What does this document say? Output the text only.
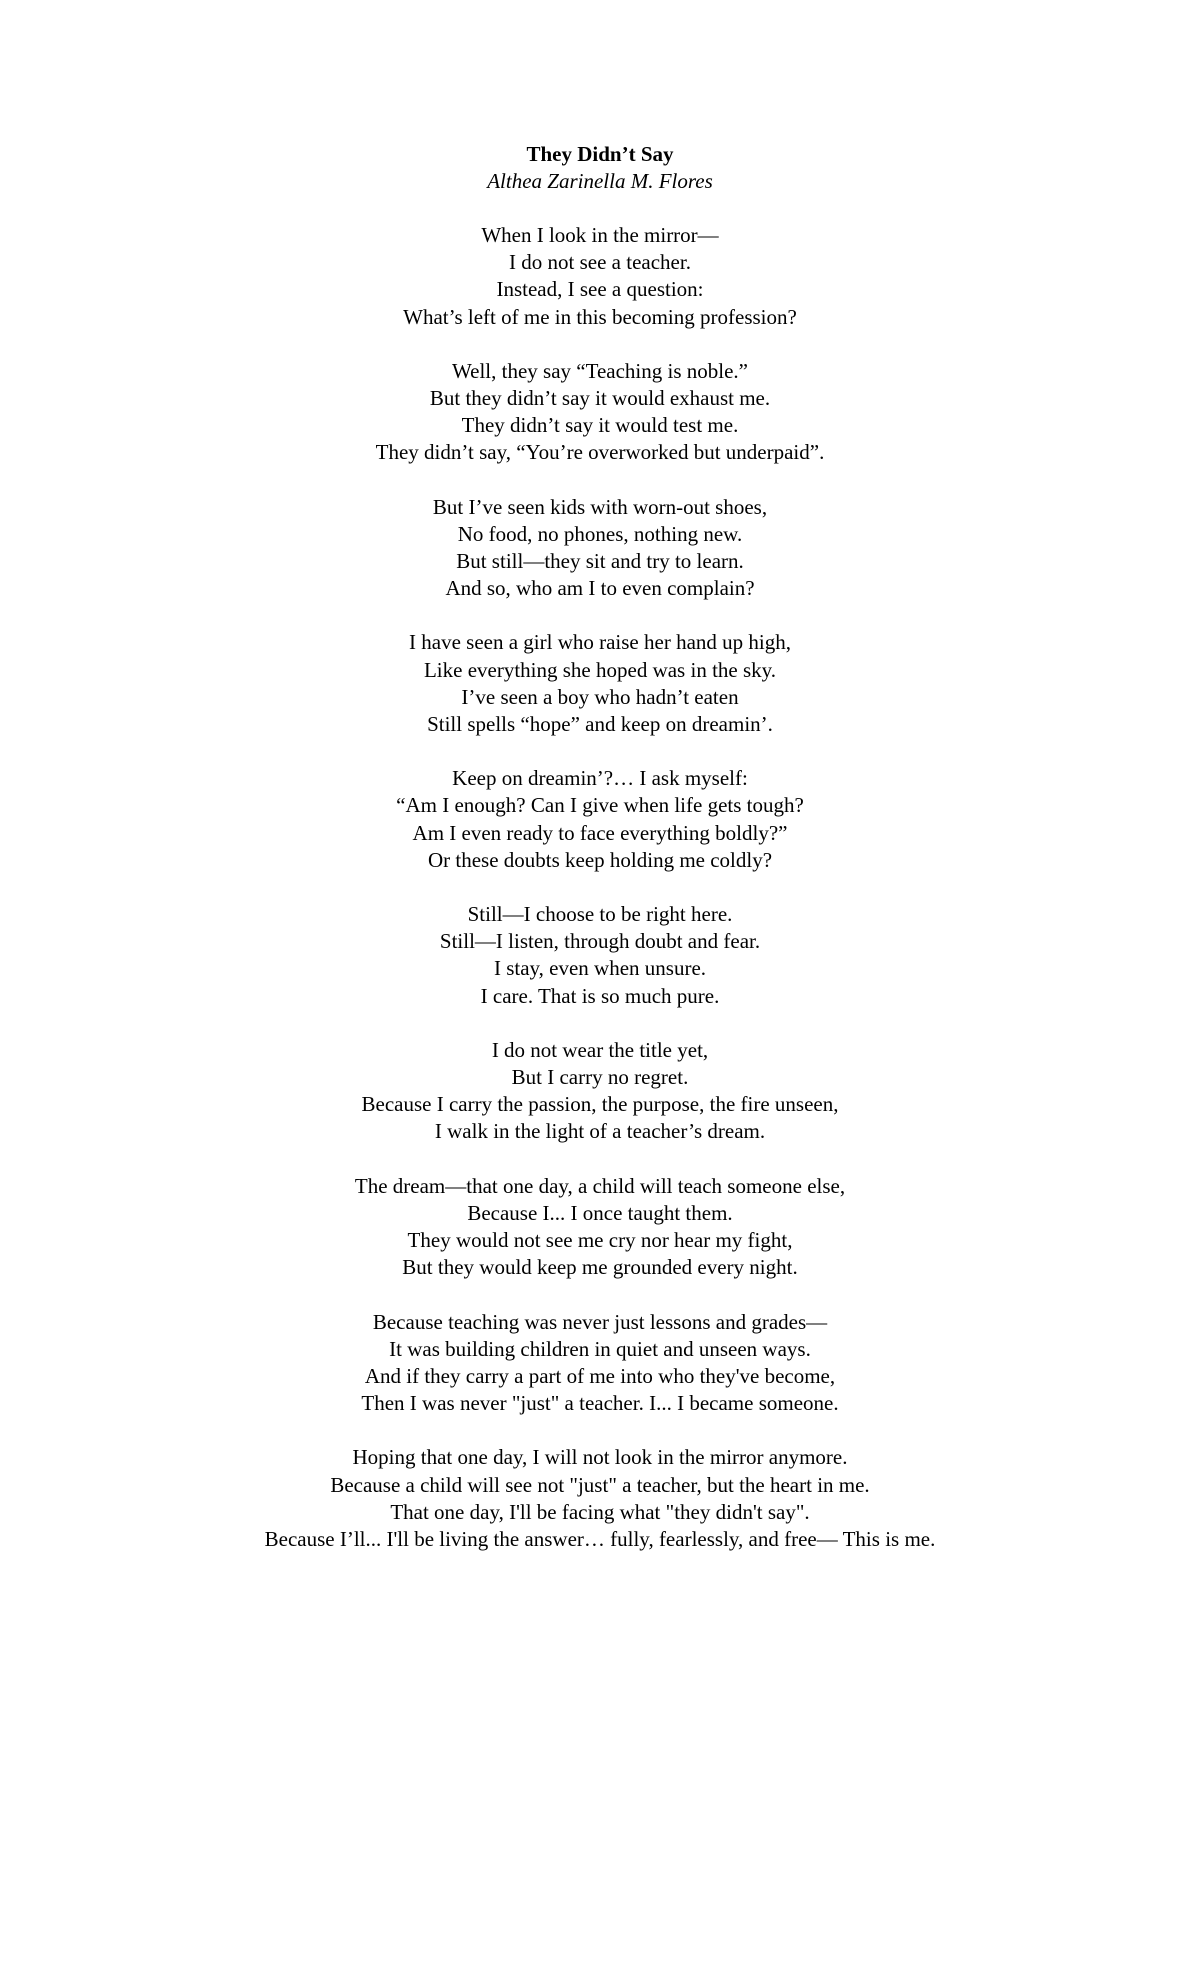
They Didn’t Say
Althea Zarinella M. Flores
When I look in the mirror—
I do not see a teacher.
Instead, I see a question:
What’s left of me in this becoming profession?
Well, they say “Teaching is noble.”
But they didn’t say it would exhaust me.
They didn’t say it would test me.
They didn’t say, “You’re overworked but underpaid”.
But I’ve seen kids with worn-out shoes,
No food, no phones, nothing new.
But still—they sit and try to learn.
And so, who am I to even complain?
I have seen a girl who raise her hand up high,
Like everything she hoped was in the sky.
I’ve seen a boy who hadn’t eaten
Still spells “hope” and keep on dreamin’.
Keep on dreamin’?… I ask myself:
“Am I enough? Can I give when life gets tough?
Am I even ready to face everything boldly?”
Or these doubts keep holding me coldly?
Still—I choose to be right here.
Still—I listen, through doubt and fear.
I stay, even when unsure.
I care. That is so much pure.
I do not wear the title yet,
But I carry no regret.
Because I carry the passion, the purpose, the fire unseen,
I walk in the light of a teacher’s dream.
The dream—that one day, a child will teach someone else,
Because I... I once taught them.
They would not see me cry nor hear my fight,
But they would keep me grounded every night.
Because teaching was never just lessons and grades—
It was building children in quiet and unseen ways.
And if they carry a part of me into who they've become,
Then I was never "just" a teacher. I... I became someone.
Hoping that one day, I will not look in the mirror anymore.
Because a child will see not "just" a teacher, but the heart in me.
That one day, I'll be facing what "they didn't say".
Because I’ll... I'll be living the answer… fully, fearlessly, and free— This is me.
